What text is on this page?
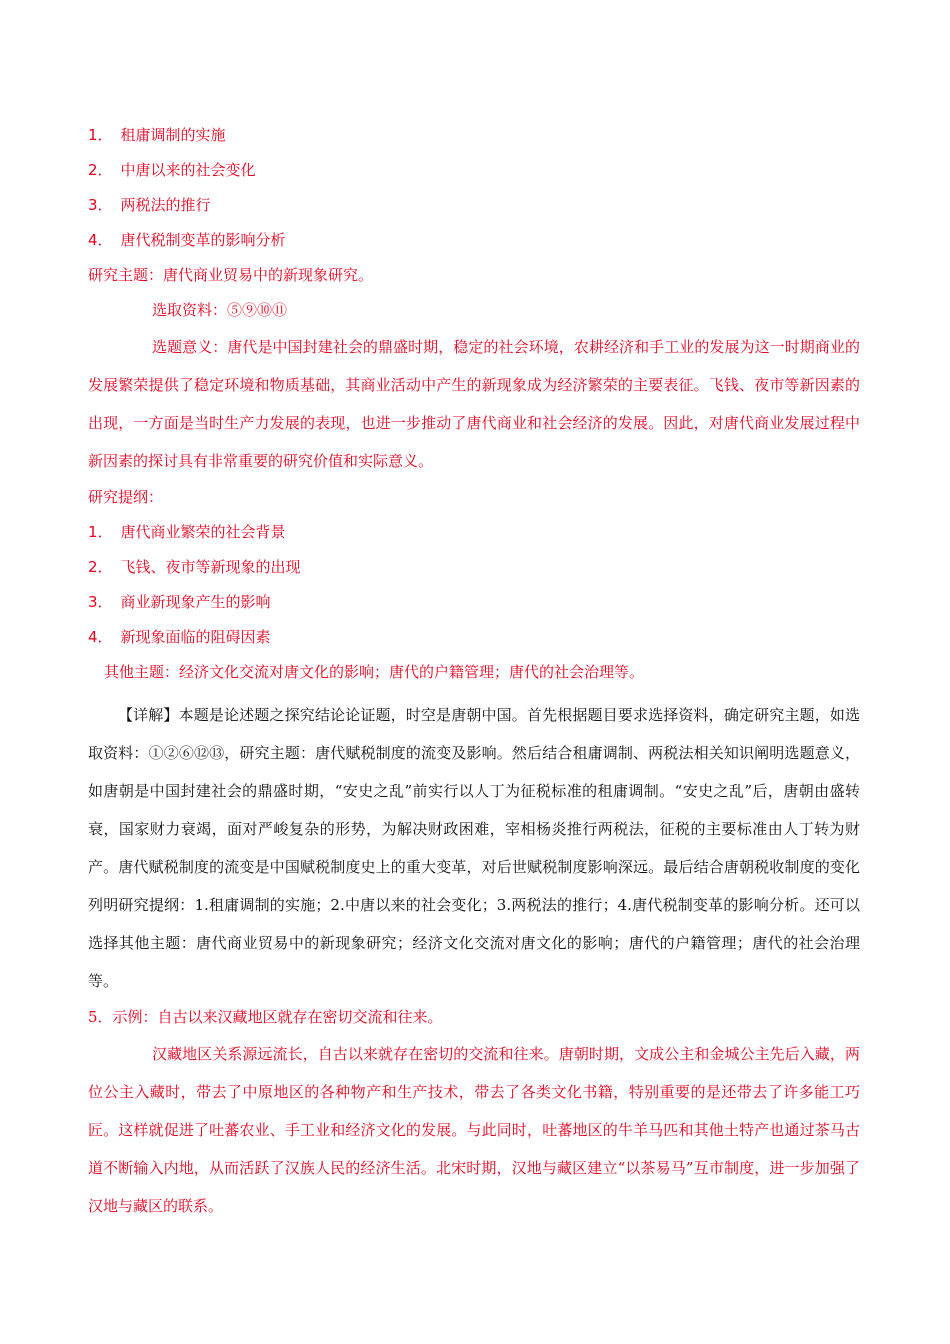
1． 租庸调制的实施
2． 中唐以来的社会变化
3． 两税法的推行
4． 唐代税制变革的影响分析
研究主题：唐代商业贸易中的新现象研究。
选取资料：⑤⑨⑩⑪

选题意义：唐代是中国封建社会的鼎盛时期，稳定的社会环境，农耕经济和手工业的发展为这一时期商业的发展繁荣提供了稳定环境和物质基础，其商业活动中产生的新现象成为经济繁荣的主要表征。飞钱、夜市等新因素的出现，一方面是当时生产力发展的表现，也进一步推动了唐代商业和社会经济的发展。因此，对唐代商业发展过程中新因素的探讨具有非常重要的研究价值和实际意义。

研究提纲：
1． 唐代商业繁荣的社会背景
2． 飞钱、夜市等新现象的出现
3． 商业新现象产生的影响
4． 新现象面临的阻碍因素
其他主题：经济文化交流对唐文化的影响；唐代的户籍管理；唐代的社会治理等。

【详解】本题是论述题之探究结论论证题，时空是唐朝中国。首先根据题目要求选择资料，确定研究主题，如选取资料：①②⑥⑫⑬，研究主题：唐代赋税制度的流变及影响。然后结合租庸调制、两税法相关知识阐明选题意义，如唐朝是中国封建社会的鼎盛时期，“安史之乱”前实行以人丁为征税标准的租庸调制。“安史之乱”后，唐朝由盛转衰，国家财力衰竭，面对严峻复杂的形势，为解决财政困难，宰相杨炎推行两税法，征税的主要标准由人丁转为财产。唐代赋税制度的流变是中国赋税制度史上的重大变革，对后世赋税制度影响深远。最后结合唐朝税收制度的变化列明研究提纲：1.租庸调制的实施；2.中唐以来的社会变化；3.两税法的推行；4.唐代税制变革的影响分析。还可以选择其他主题：唐代商业贸易中的新现象研究；经济文化交流对唐文化的影响；唐代的户籍管理；唐代的社会治理等。

5．示例：自古以来汉藏地区就存在密切交流和往来。

汉藏地区关系源远流长，自古以来就存在密切的交流和往来。唐朝时期，文成公主和金城公主先后入藏，两位公主入藏时，带去了中原地区的各种物产和生产技术，带去了各类文化书籍，特别重要的是还带去了许多能工巧匠。这样就促进了吐蕃农业、手工业和经济文化的发展。与此同时，吐蕃地区的牛羊马匹和其他土特产也通过茶马古道不断输入内地，从而活跃了汉族人民的经济生活。北宋时期，汉地与藏区建立“以茶易马”互市制度，进一步加强了汉地与藏区的联系。
